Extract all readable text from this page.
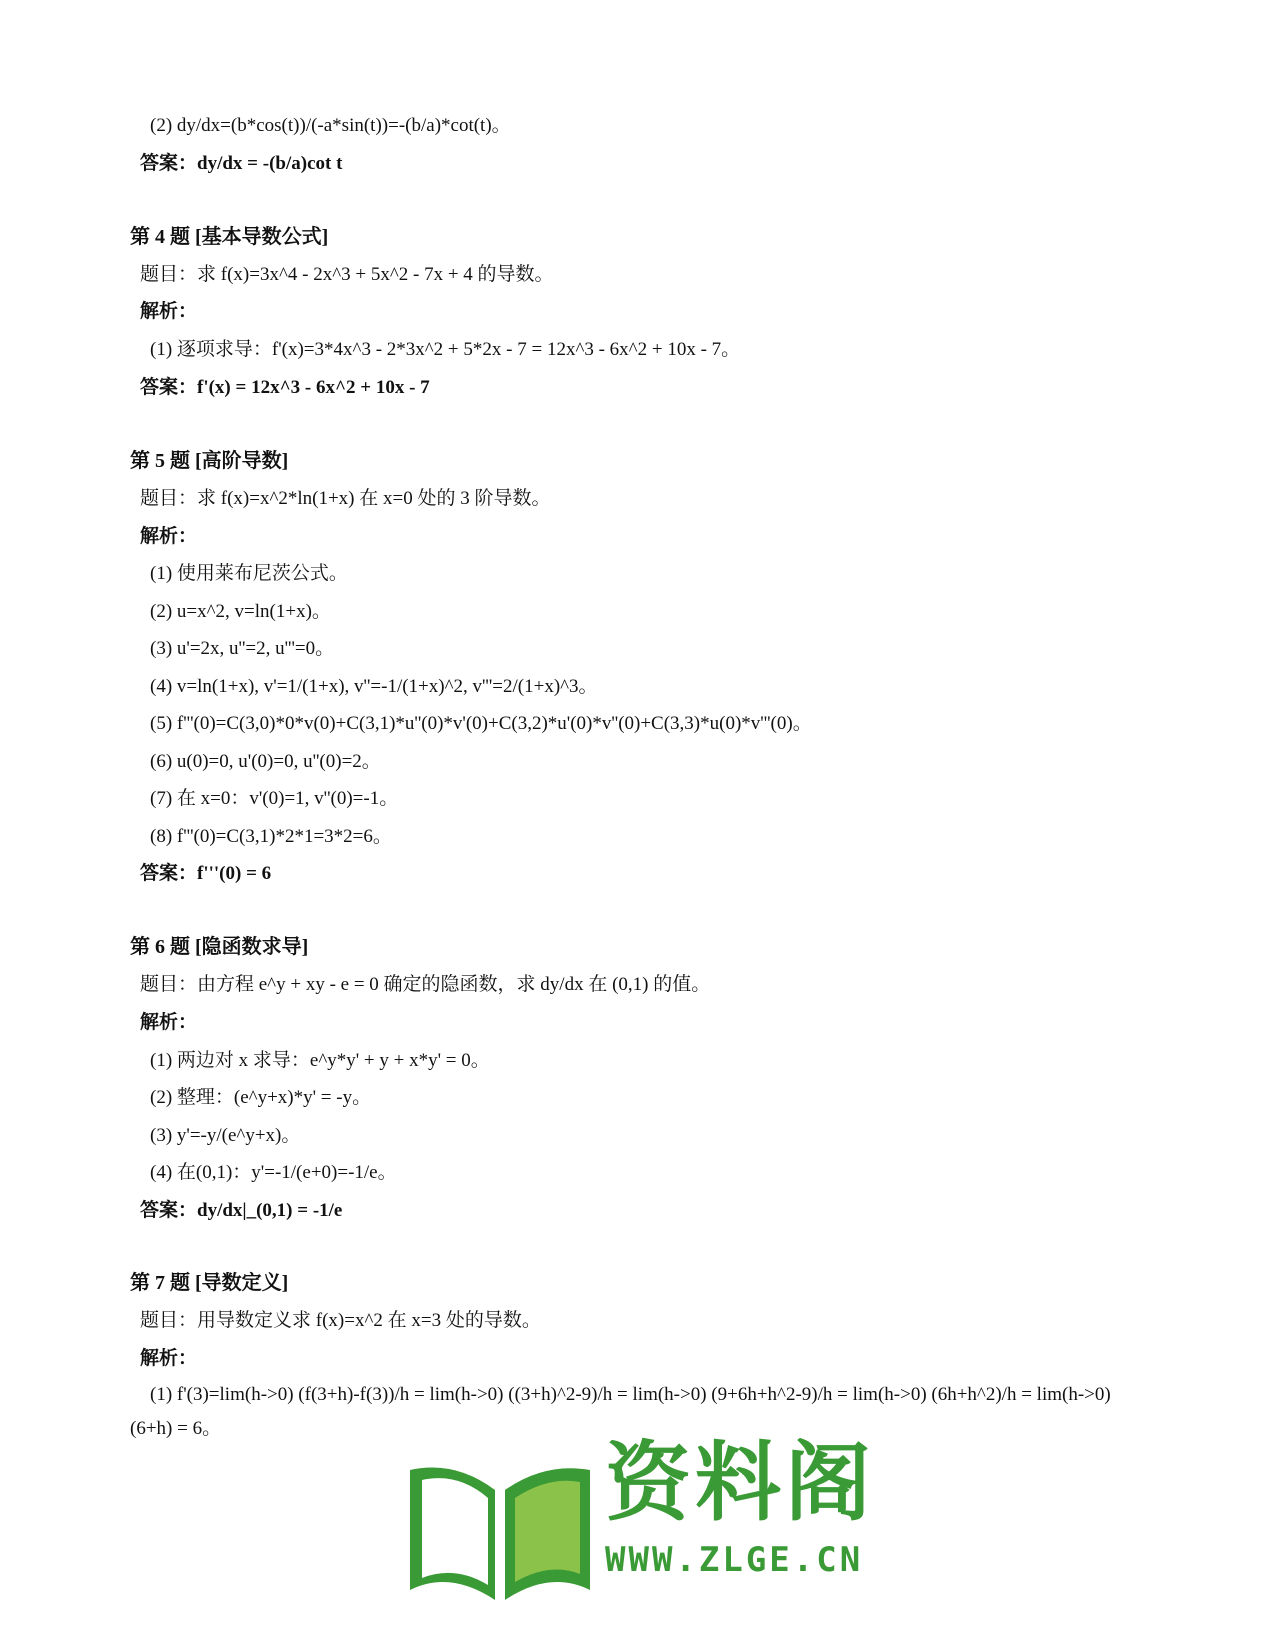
(2) dy/dx=(b*cos(t))/(-a*sin(t))=-(b/a)*cot(t)。
答案：dy/dx = -(b/a)cot t
第 4 题 [基本导数公式]
题目：求 f(x)=3x^4 - 2x^3 + 5x^2 - 7x + 4 的导数。
解析：
(1) 逐项求导：f'(x)=3*4x^3 - 2*3x^2 + 5*2x - 7 = 12x^3 - 6x^2 + 10x - 7。
答案：f'(x) = 12x^3 - 6x^2 + 10x - 7
第 5 题 [高阶导数]
题目：求 f(x)=x^2*ln(1+x) 在 x=0 处的 3 阶导数。
解析：
(1) 使用莱布尼茨公式。
(2) u=x^2, v=ln(1+x)。
(3) u'=2x, u''=2, u'''=0。
(4) v=ln(1+x), v'=1/(1+x), v''=-1/(1+x)^2, v'''=2/(1+x)^3。
(5) f'''(0)=C(3,0)*0*v(0)+C(3,1)*u''(0)*v'(0)+C(3,2)*u'(0)*v''(0)+C(3,3)*u(0)*v'''(0)。
(6) u(0)=0, u'(0)=0, u''(0)=2。
(7) 在 x=0：v'(0)=1, v''(0)=-1。
(8) f'''(0)=C(3,1)*2*1=3*2=6。
答案：f'''(0) = 6
第 6 题 [隐函数求导]
题目：由方程 e^y + xy - e = 0 确定的隐函数，求 dy/dx 在 (0,1) 的值。
解析：
(1) 两边对 x 求导：e^y*y' + y + x*y' = 0。
(2) 整理：(e^y+x)*y' = -y。
(3) y'=-y/(e^y+x)。
(4) 在(0,1)：y'=-1/(e+0)=-1/e。
答案：dy/dx|_(0,1) = -1/e
第 7 题 [导数定义]
题目：用导数定义求 f(x)=x^2 在 x=3 处的导数。
解析：
(1) f'(3)=lim(h->0) (f(3+h)-f(3))/h = lim(h->0) ((3+h)^2-9)/h = lim(h->0) (9+6h+h^2-9)/h = lim(h->0) (6h+h^2)/h = lim(h->0) (6+h) = 6。
资料阁
WWW.ZLGE.CN
